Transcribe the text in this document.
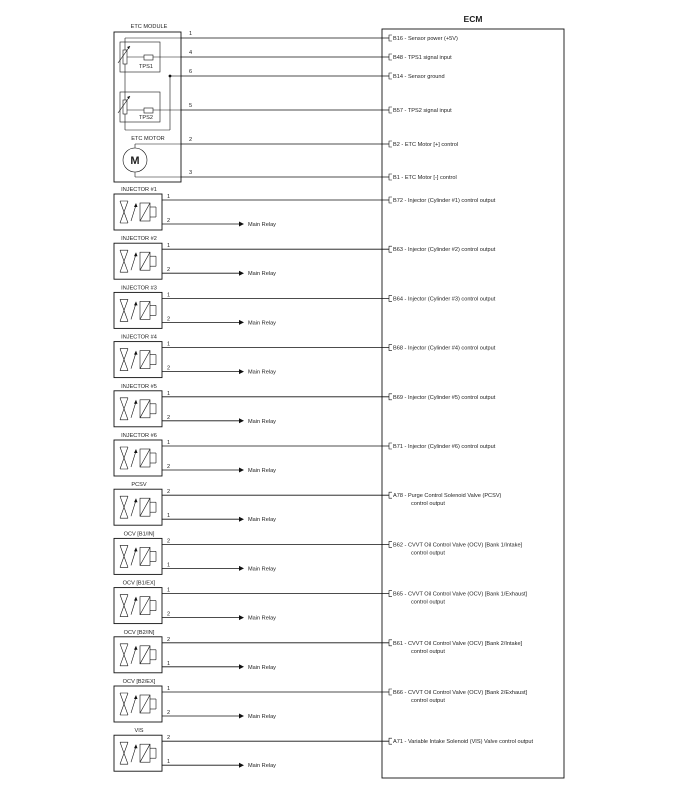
ECM
ETC MODULE
TPS1
TPS2
ETC MOTOR
M
1
B16 - Sensor power (+5V)
4
B48 - TPS1 signal input
6
B14 - Sensor ground
5
B57 - TPS2 signal input
2
B2 - ETC Motor [+] control
3
B1 - ETC Motor [-] control
INJECTOR #1
1
B72 - Injector (Cylinder #1) control output
2
Main Relay
INJECTOR #2
1
B63 - Injector (Cylinder #2) control output
2
Main Relay
INJECTOR #3
1
B64 - Injector (Cylinder #3) control output
2
Main Relay
INJECTOR #4
1
B68 - Injector (Cylinder #4) control output
2
Main Relay
INJECTOR #5
1
B69 - Injector (Cylinder #5) control output
2
Main Relay
INJECTOR #6
1
B71 - Injector (Cylinder #6) control output
2
Main Relay
PCSV
2
A78 - Purge Control Solenoid Valve (PCSV)
control output
1
Main Relay
OCV [B1/IN]
2
B62 - CVVT Oil Control Valve (OCV) [Bank 1/Intake]
control output
1
Main Relay
OCV [B1/EX]
1
B65 - CVVT Oil Control Valve (OCV) [Bank 1/Exhaust]
control output
2
Main Relay
OCV [B2/IN]
2
B61 - CVVT Oil Control Valve (OCV) [Bank 2/Intake]
control output
1
Main Relay
OCV [B2/EX]
1
B66 - CVVT Oil Control Valve (OCV) [Bank 2/Exhaust]
control output
2
Main Relay
VIS
2
A71 - Variable Intake Solenoid (VIS) Valve control output
1
Main Relay
